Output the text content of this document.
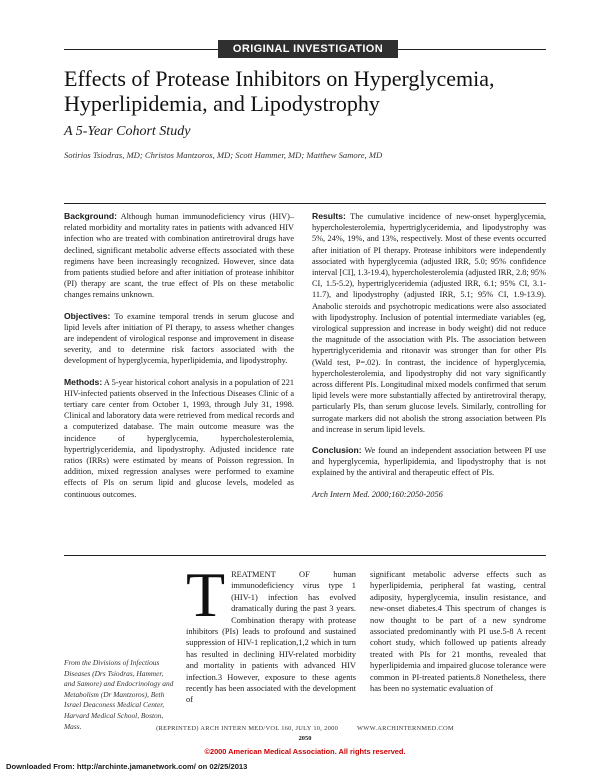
ORIGINAL INVESTIGATION
Effects of Protease Inhibitors on Hyperglycemia, Hyperlipidemia, and Lipodystrophy
A 5-Year Cohort Study
Sotirios Tsiodras, MD; Christos Mantzoros, MD; Scott Hammer, MD; Matthew Samore, MD

Background: Although human immunodeficiency virus (HIV)–related morbidity and mortality rates in patients with advanced HIV infection who are treated with combination antiretroviral drugs have declined, significant metabolic adverse effects associated with these regimens have been increasingly recognized. However, since data from patients studied before and after initiation of protease inhibitor (PI) therapy are scant, the true effect of PIs on these metabolic changes remains unknown.

Objectives: To examine temporal trends in serum glucose and lipid levels after initiation of PI therapy, to assess whether changes are independent of virological response and improvement in disease severity, and to determine risk factors associated with the development of hyperglycemia, hyperlipidemia, and lipodystrophy.

Methods: A 5-year historical cohort analysis in a population of 221 HIV-infected patients observed in the Infectious Diseases Clinic of a tertiary care center from October 1, 1993, through July 31, 1998. Clinical and laboratory data were retrieved from medical records and a computerized database. The main outcome measure was the incidence of hyperglycemia, hypercholesterolemia, hypertriglyceridemia, and lipodystrophy. Adjusted incidence rate ratios (IRRs) were estimated by means of Poisson regression. In addition, mixed regression analyses were performed to examine effects of PIs on serum lipid and glucose levels, modeled as continuous outcomes.

Results: The cumulative incidence of new-onset hyperglycemia, hypercholesterolemia, hypertriglyceridemia, and lipodystrophy was 5%, 24%, 19%, and 13%, respectively. Most of these events occurred after initiation of PI therapy. Protease inhibitors were independently associated with hyperglycemia (adjusted IRR, 5.0; 95% confidence interval [CI], 1.3-19.4), hypercholesterolemia (adjusted IRR, 2.8; 95% CI, 1.5-5.2), hypertriglyceridemia (adjusted IRR, 6.1; 95% CI, 3.1-11.7), and lipodystrophy (adjusted IRR, 5.1; 95% CI, 1.9-13.9). Anabolic steroids and psychotropic medications were also associated with lipodystrophy. Inclusion of potential intermediate variables (eg, virological suppression and increase in body weight) did not reduce the magnitude of the association with PIs. The association between hypertriglyceridemia and ritonavir was stronger than for other PIs (Wald test, P=.02). In contrast, the incidence of hyperglycemia, hypercholesterolemia, and lipodystrophy did not vary significantly across different PIs. Longitudinal mixed models confirmed that serum lipid levels were more substantially affected by antiretroviral therapy, particularly PIs, than serum glucose levels. Similarly, controlling for surrogate markers did not abolish the strong association between PIs and increase in serum lipid levels.

Conclusion: We found an independent association between PI use and hyperglycemia, hyperlipidemia, and lipodystrophy that is not explained by the antiviral and therapeutic effect of PIs.

Arch Intern Med. 2000;160:2050-2056

From the Divisions of Infectious Diseases (Drs Tsiodras, Hammer, and Samore) and Endocrinology and Metabolism (Dr Mantzoros), Beth Israel Deaconess Medical Center, Harvard Medical School, Boston, Mass.
TREATMENT OF human immunodeficiency virus type 1 (HIV-1) infection has evolved dramatically during the past 3 years. Combination therapy with protease inhibitors (PIs) leads to profound and sustained suppression of HIV-1 replication,1,2 which in turn has resulted in declining HIV-related morbidity and mortality in patients with advanced HIV infection.3 However, exposure to these agents recently has been associated with the development of
significant metabolic adverse effects such as hyperlipidemia, peripheral fat wasting, central adiposity, hyperglycemia, insulin resistance, and new-onset diabetes.4 This spectrum of changes is now thought to be part of a new syndrome associated predominantly with PI use.5-8 A recent cohort study, which followed up patients already treated with PIs for 21 months, revealed that hyperlipidemia and impaired glucose tolerance were common in PI-treated patients.8 Nonetheless, there has been no systematic evaluation of
(REPRINTED) ARCH INTERN MED/VOL 160, JULY 10, 2000          WWW.ARCHINTERNMED.COM
2050
©2000 American Medical Association. All rights reserved.
Downloaded From: http://archinte.jamanetwork.com/ on 02/25/2013
